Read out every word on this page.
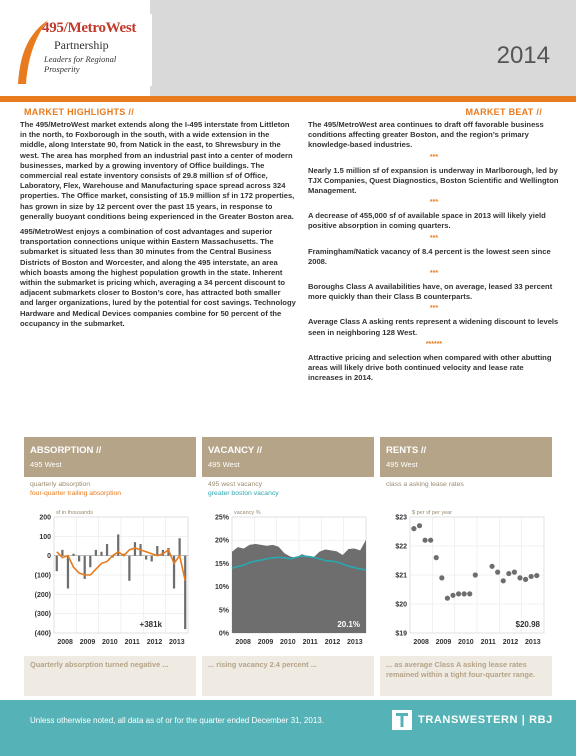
495/MetroWest
Partnership
Leaders for Regional Prosperity	2014
MARKET HIGHLIGHTS //	MARKET BEAT //

The 495/MetroWest market extends along the I-495 interstate from Littleton in the north, to Foxborough in the south, with a wide extension in the middle, along Interstate 90, from Natick in the east, to Shrewsbury in the west. The area has morphed from an industrial past into a center of modern businesses, marked by a growing inventory of Office buildings. The commercial real estate inventory consists of 29.8 million sf of Office, Laboratory, Flex, Warehouse and Manufacturing space spread across 324 properties. The Office market, consisting of 15.9 million sf in 172 properties, has grown in size by 12 percent over the past 15 years, in response to generally buoyant conditions being experienced in the Greater Boston area.

495/MetroWest enjoys a combination of cost advantages and superior transportation connections unique within Eastern Massachusetts. The submarket is situated less than 30 minutes from the Central Business Districts of Boston and Worcester, and along the 495 interstate, an area which boasts among the highest population growth in the state. Inherent within the submarket is pricing which, averaging a 34 percent discount to adjacent submarkets closer to Boston’s core, has attracted both smaller and larger organizations, lured by the potential for cost savings. Technology Hardware and Medical Devices companies combine for 50 percent of the occupancy in the submarket.

The 495/MetroWest area continues to draft off favorable business conditions affecting greater Boston, and the region’s primary knowledge-based industries.

***

Nearly 1.5 million sf of expansion is underway in Marlborough, led by TJX Companies, Quest Diagnostics, Boston Scientific and Wellington Management.

***

A decrease of 455,000 sf of available space in 2013 will likely yield positive absorption in coming quarters.

***

Framingham/Natick vacancy of 8.4 percent is the lowest seen since 2008.

***

Boroughs Class A availabilities have, on average, leased 33 percent more quickly than their Class B counterparts.

***

Average Class A asking rents represent a widening discount to levels seen in neighboring 128 West.

******

Attractive pricing and selection when compared with other abutting areas will likely drive both continued velocity and lease rate increases in 2014.

ABSORPTION //
495 West
quarterly absorption
four-quarter trailing absorption
sf in thousands
200
100
0
(100)
(200)
(300)
(400)
2008 2009 2010 2011 2012 2013
+381k
Quarterly absorption turned negative ...
VACANCY //
495 West
495 west vacancy
greater boston vacancy
vacancy %
25%
20%
15%
10%
5%
0%
2008 2009 2010 2011 2012 2013
20.1%
... rising vacancy 2.4 percent ...
RENTS //
495 West
class a asking lease rates
$ per sf per year
$23
$22
$21
$20
$19
2008 2009 2010 2011 2012 2013
$20.98
... as average Class A asking lease rates remained within a tight four-quarter range.
Unless otherwise noted, all data as of or for the quarter ended December 31, 2013.	TRANSWESTERN | RBJ
